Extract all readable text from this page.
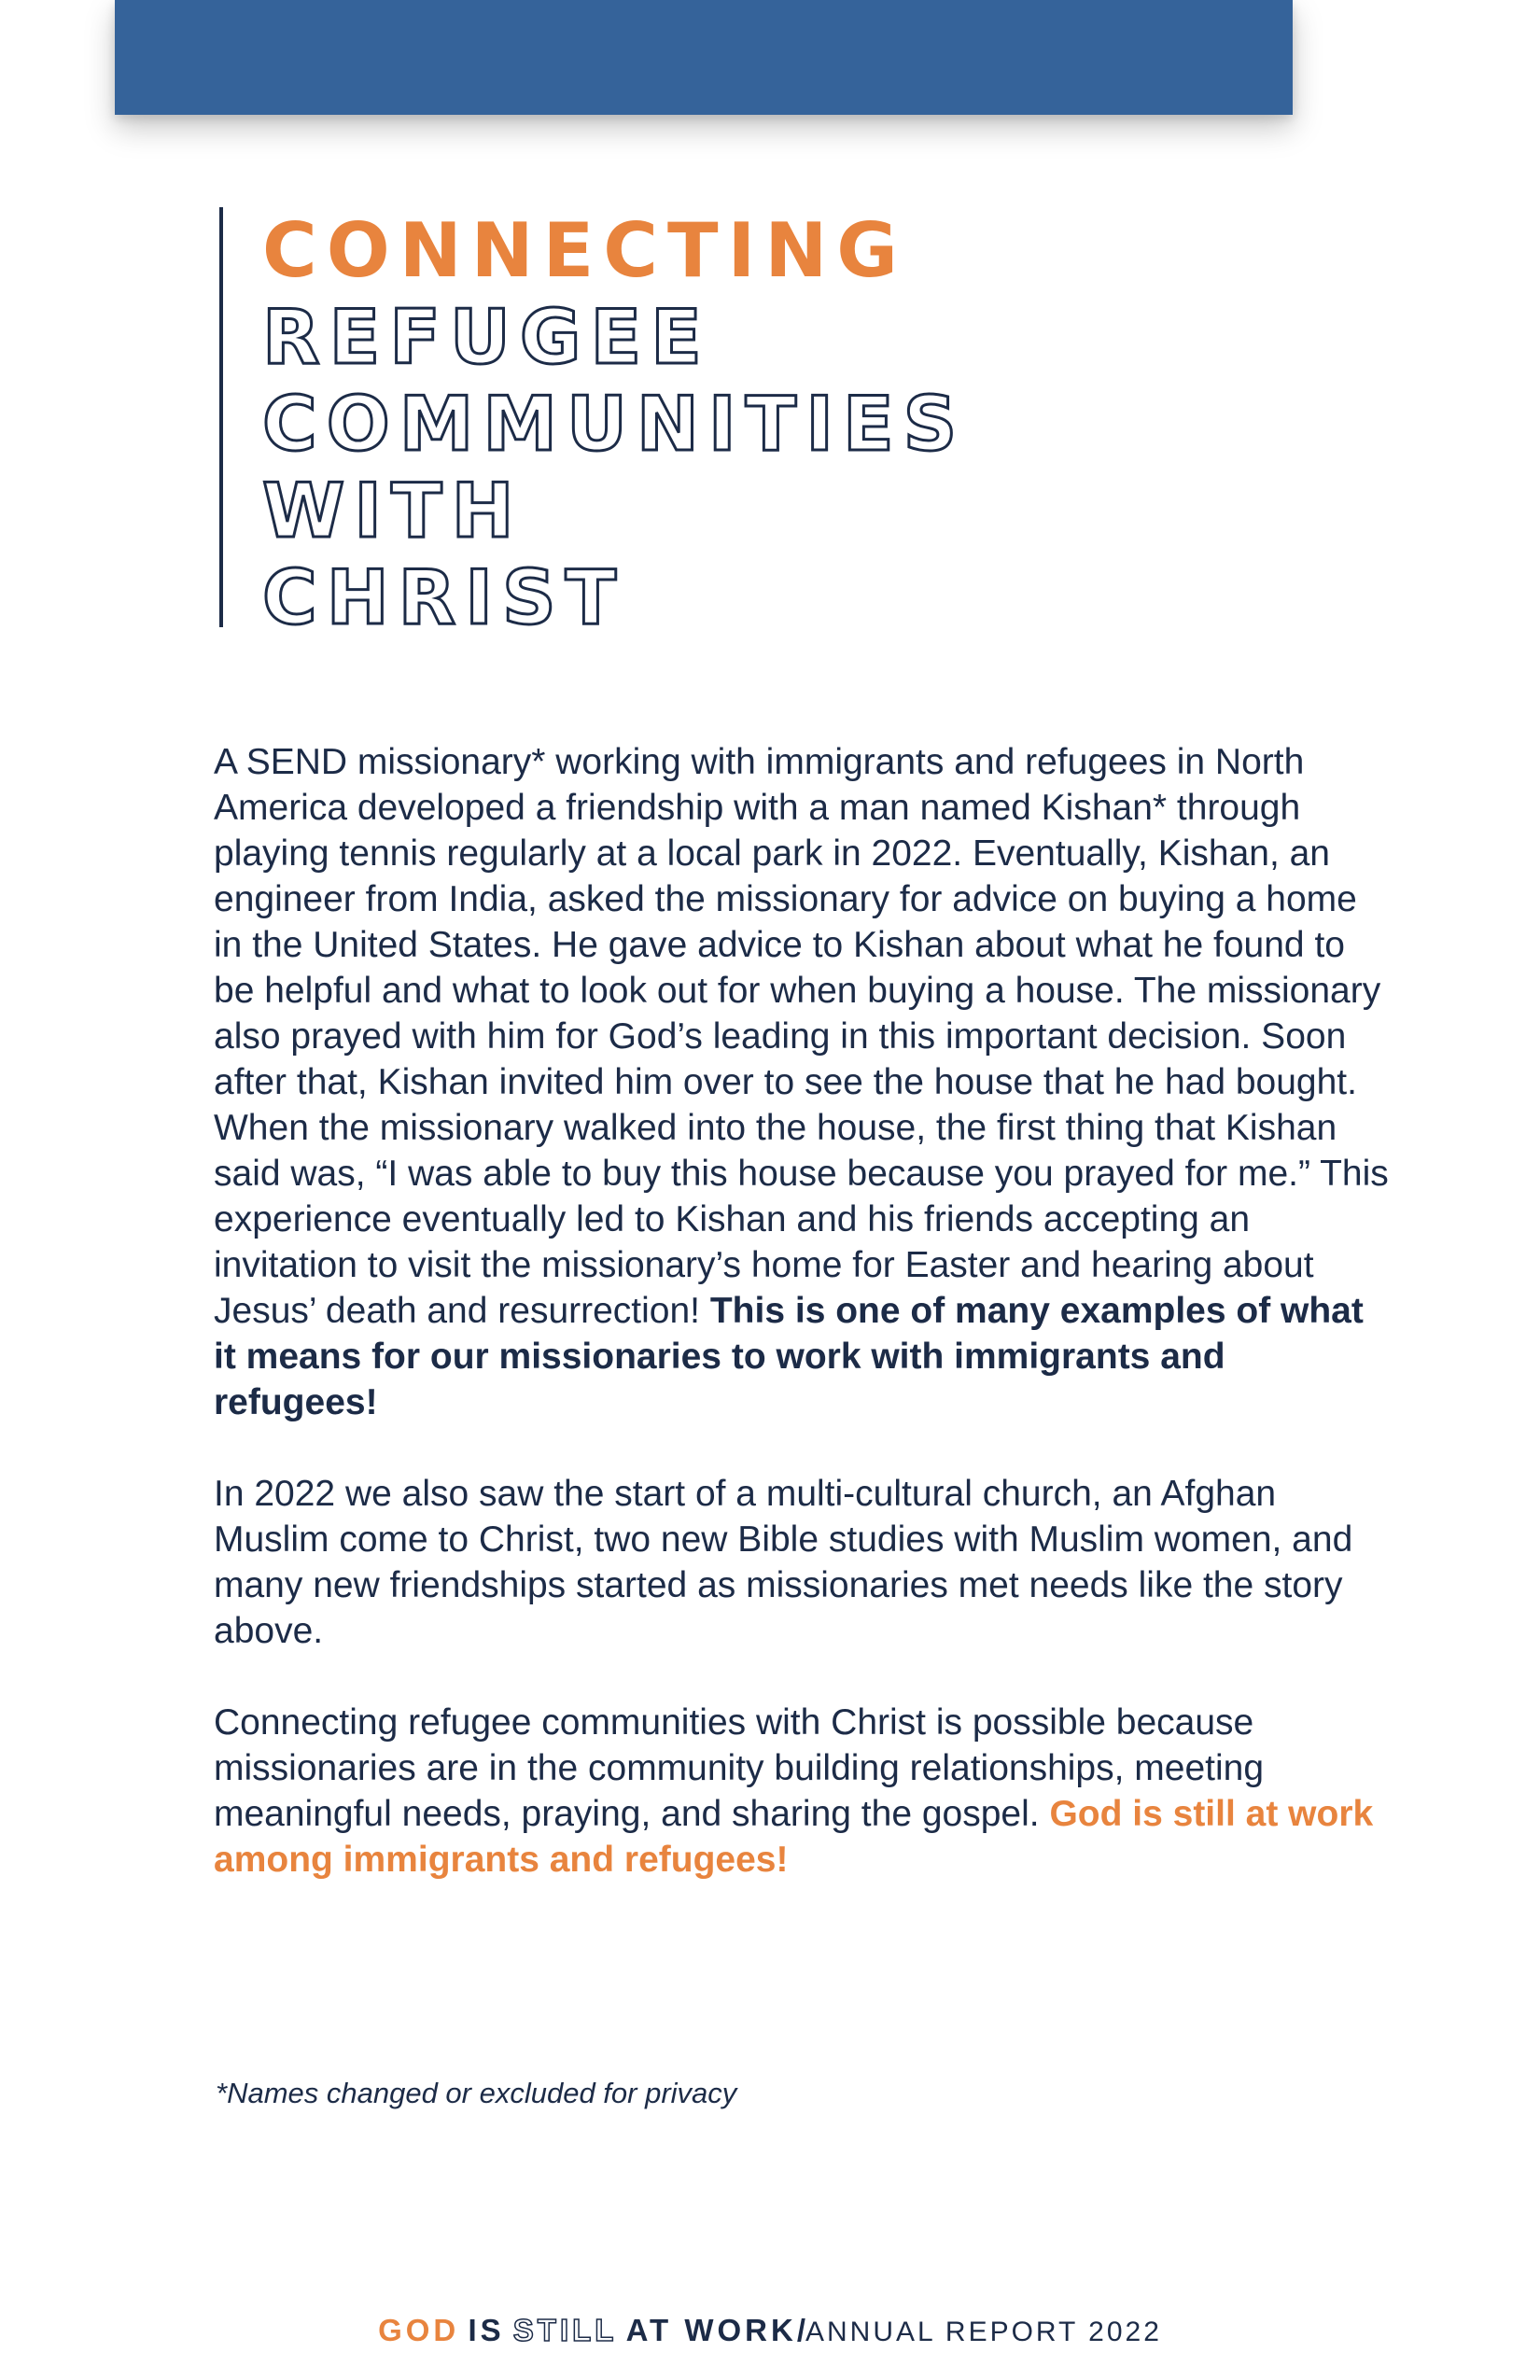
CONNECTING
REFUGEE
COMMUNITIES
WITH
CHRIST

A SEND missionary* working with immigrants and refugees in North America developed a friendship with a man named Kishan* through playing tennis regularly at a local park in 2022. Eventually, Kishan, an engineer from India, asked the missionary for advice on buying a home in the United States. He gave advice to Kishan about what he found to be helpful and what to look out for when buying a house. The missionary also prayed with him for God’s leading in this important decision. Soon after that, Kishan invited him over to see the house that he had bought. When the missionary walked into the house, the first thing that Kishan said was, “I was able to buy this house because you prayed for me.” This experience eventually led to Kishan and his friends accepting an invitation to visit the missionary’s home for Easter and hearing about Jesus’ death and resurrection! This is one of many examples of what it means for our missionaries to work with immigrants and refugees!

In 2022 we also saw the start of a multi-cultural church, an Afghan Muslim come to Christ, two new Bible studies with Muslim women, and many new friendships started as missionaries met needs like the story above.

Connecting refugee communities with Christ is possible because missionaries are in the community building relationships, meeting meaningful needs, praying, and sharing the gospel. God is still at work among immigrants and refugees!

*Names changed or excluded for privacy
GOD IS STILL AT WORK/ANNUAL REPORT 2022
